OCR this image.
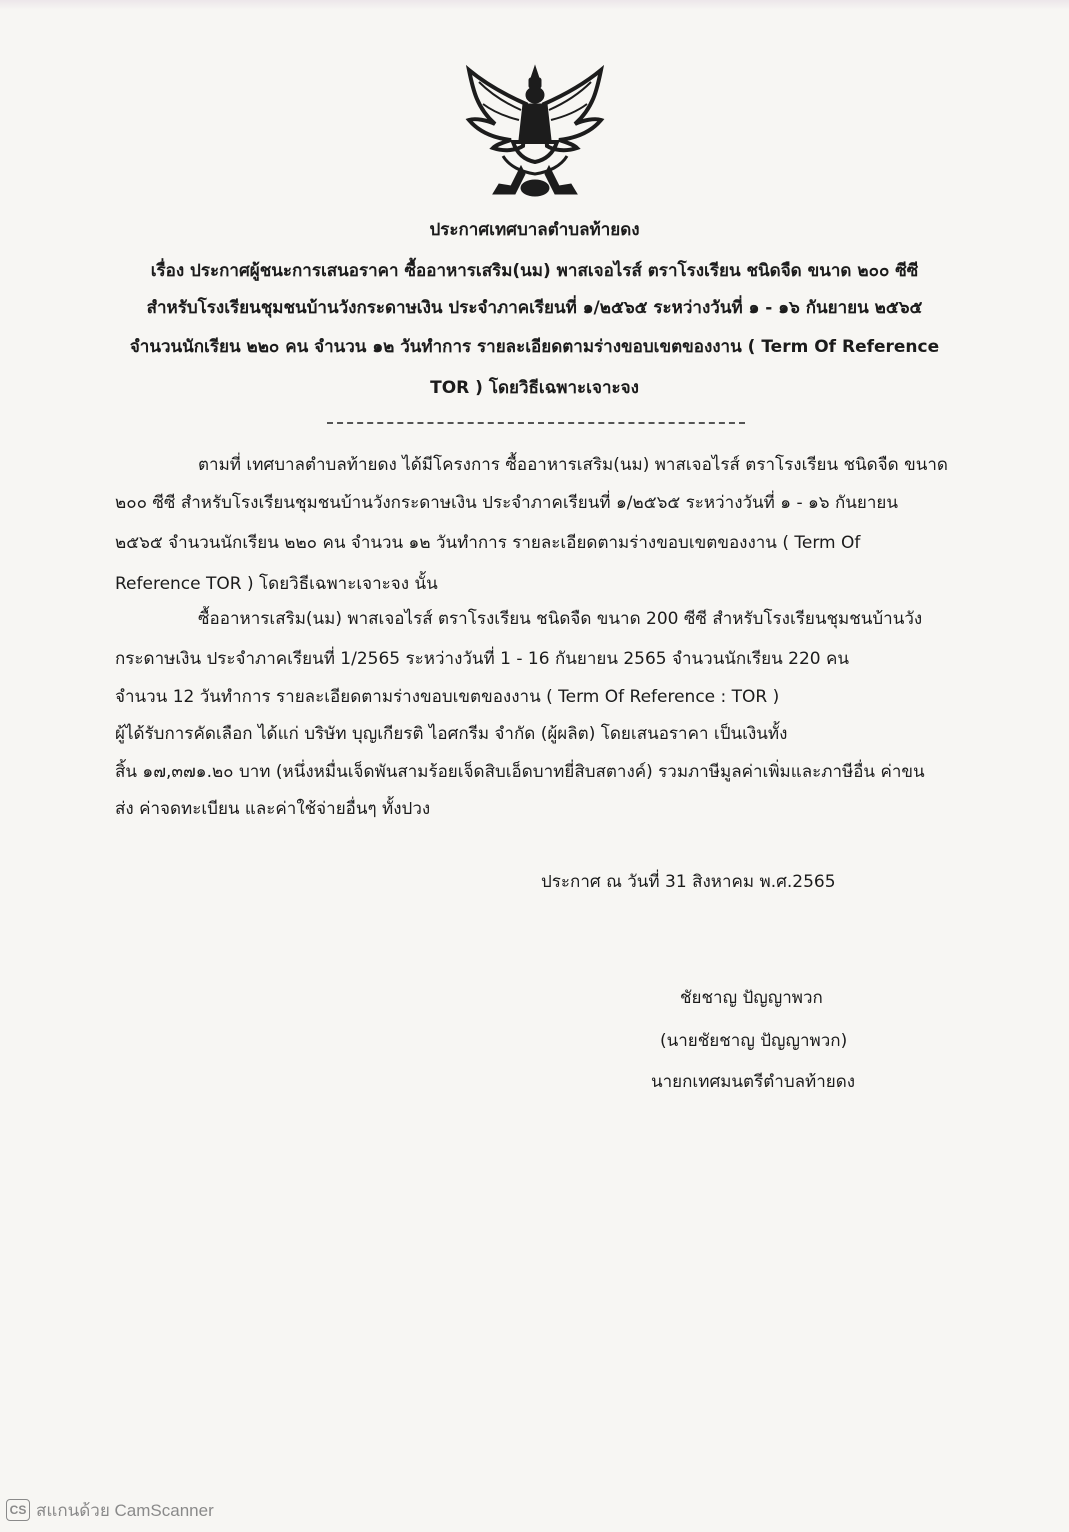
ประกาศเทศบาลตำบลท้ายดง
เรื่อง ประกาศผู้ชนะการเสนอราคา ซื้ออาหารเสริม(นม) พาสเจอไรส์ ตราโรงเรียน ชนิดจืด ขนาด ๒๐๐ ซีซี
สำหรับโรงเรียนชุมชนบ้านวังกระดาษเงิน ประจำภาคเรียนที่ ๑/๒๕๖๕ ระหว่างวันที่ ๑ - ๑๖ กันยายน ๒๕๖๕
จำนวนนักเรียน ๒๒๐ คน จำนวน ๑๒ วันทำการ รายละเอียดตามร่างขอบเขตของงาน ( Term Of Reference
TOR ) โดยวิธีเฉพาะเจาะจง
ตามที่ เทศบาลตำบลท้ายดง ได้มีโครงการ ซื้ออาหารเสริม(นม) พาสเจอไรส์ ตราโรงเรียน ชนิดจืด ขนาด
๒๐๐ ซีซี สำหรับโรงเรียนชุมชนบ้านวังกระดาษเงิน ประจำภาคเรียนที่ ๑/๒๕๖๕ ระหว่างวันที่ ๑ - ๑๖ กันยายน
๒๕๖๕ จำนวนนักเรียน ๒๒๐ คน จำนวน ๑๒ วันทำการ รายละเอียดตามร่างขอบเขตของงาน ( Term Of
Reference TOR ) โดยวิธีเฉพาะเจาะจง นั้น
ซื้ออาหารเสริม(นม) พาสเจอไรส์ ตราโรงเรียน ชนิดจืด ขนาด 200 ซีซี สำหรับโรงเรียนชุมชนบ้านวัง
กระดาษเงิน ประจำภาคเรียนที่ 1/2565 ระหว่างวันที่ 1 - 16 กันยายน 2565 จำนวนนักเรียน 220 คน
จำนวน 12 วันทำการ รายละเอียดตามร่างขอบเขตของงาน ( Term Of Reference : TOR )
ผู้ได้รับการคัดเลือก ได้แก่ บริษัท บุญเกียรติ ไอศกรีม จำกัด (ผู้ผลิต) โดยเสนอราคา เป็นเงินทั้ง
สิ้น ๑๗,๓๗๑.๒๐ บาท (หนึ่งหมื่นเจ็ดพันสามร้อยเจ็ดสิบเอ็ดบาทยี่สิบสตางค์) รวมภาษีมูลค่าเพิ่มและภาษีอื่น ค่าขน
ส่ง ค่าจดทะเบียน และค่าใช้จ่ายอื่นๆ ทั้งปวง
ประกาศ ณ วันที่ 31 สิงหาคม พ.ศ.2565
ชัยชาญ ปัญญาพวก
(นายชัยชาญ ปัญญาพวก)
นายกเทศมนตรีตำบลท้ายดง
CS สแกนด้วย CamScanner
